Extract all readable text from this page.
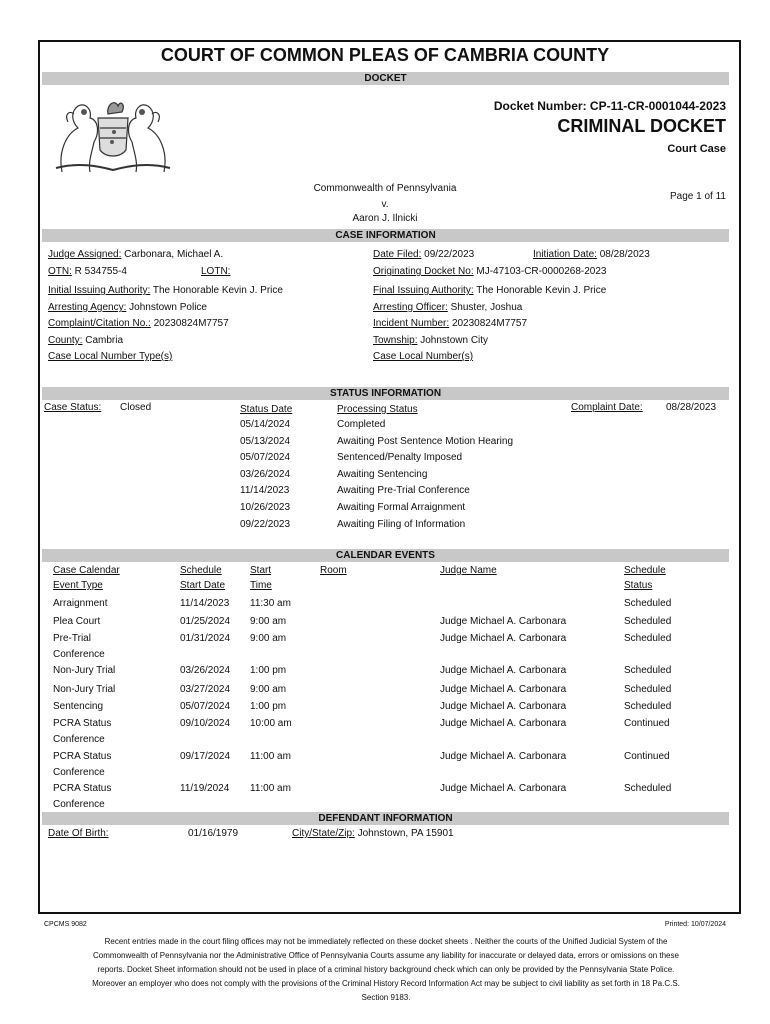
COURT OF COMMON PLEAS OF CAMBRIA COUNTY
DOCKET
Docket Number: CP-11-CR-0001044-2023
CRIMINAL DOCKET
Court Case
Commonwealth of Pennsylvania
v.
Aaron J. Ilnicki
Page 1 of 11
CASE INFORMATION
Judge Assigned: Carbonara, Michael A.	Date Filed: 09/22/2023	Initiation Date: 08/28/2023
OTN: R 534755-4	LOTN:	Originating Docket No: MJ-47103-CR-0000268-2023
Initial Issuing Authority: The Honorable Kevin J. Price	Final Issuing Authority: The Honorable Kevin J. Price
Arresting Agency: Johnstown Police	Arresting Officer: Shuster, Joshua
Complaint/Citation No.: 20230824M7757	Incident Number: 20230824M7757
County: Cambria	Township: Johnstown City
Case Local Number Type(s)	Case Local Number(s)
STATUS INFORMATION
Case Status: Closed	Status Date	Processing Status	Complaint Date: 08/28/2023
05/14/2024	Completed
05/13/2024	Awaiting Post Sentence Motion Hearing
05/07/2024	Sentenced/Penalty Imposed
03/26/2024	Awaiting Sentencing
11/14/2023	Awaiting Pre-Trial Conference
10/26/2023	Awaiting Formal Arraignment
09/22/2023	Awaiting Filing of Information
CALENDAR EVENTS
Case Calendar
Event Type
Schedule
Start Date
Start
Time
Room	Judge Name	Schedule
Status
Arraignment	11/14/2023 11:30 am	Scheduled
Plea Court	01/25/2024 9:00 am	Judge Michael A. Carbonara	Scheduled
Pre-Trial	01/31/2024 9:00 am	Judge Michael A. Carbonara	Scheduled
Conference
Non-Jury Trial	03/26/2024 1:00 pm	Judge Michael A. Carbonara	Scheduled
Non-Jury Trial	03/27/2024 9:00 am	Judge Michael A. Carbonara	Scheduled
Sentencing	05/07/2024 1:00 pm	Judge Michael A. Carbonara	Scheduled
PCRA Status	09/10/2024 10:00 am	Judge Michael A. Carbonara	Continued
Conference
PCRA Status	09/17/2024 11:00 am	Judge Michael A. Carbonara	Continued
Conference
PCRA Status	11/19/2024 11:00 am	Judge Michael A. Carbonara	Scheduled
Conference
DEFENDANT INFORMATION
Date Of Birth:	01/16/1979	City/State/Zip: Johnstown, PA 15901
CPCMS 9082	Printed: 10/07/2024
Recent entries made in the court filing offices may not be immediately reflected on these docket sheets . Neither the courts of the Unified Judicial System of the Commonwealth of Pennsylvania nor the Administrative Office of Pennsylvania Courts assume any liability for inaccurate or delayed data, errors or omissions on these reports. Docket Sheet information should not be used in place of a criminal history background check which can only be provided by the Pennsylvania State Police. Moreover an employer who does not comply with the provisions of the Criminal History Record Information Act may be subject to civil liability as set forth in 18 Pa.C.S. Section 9183.
